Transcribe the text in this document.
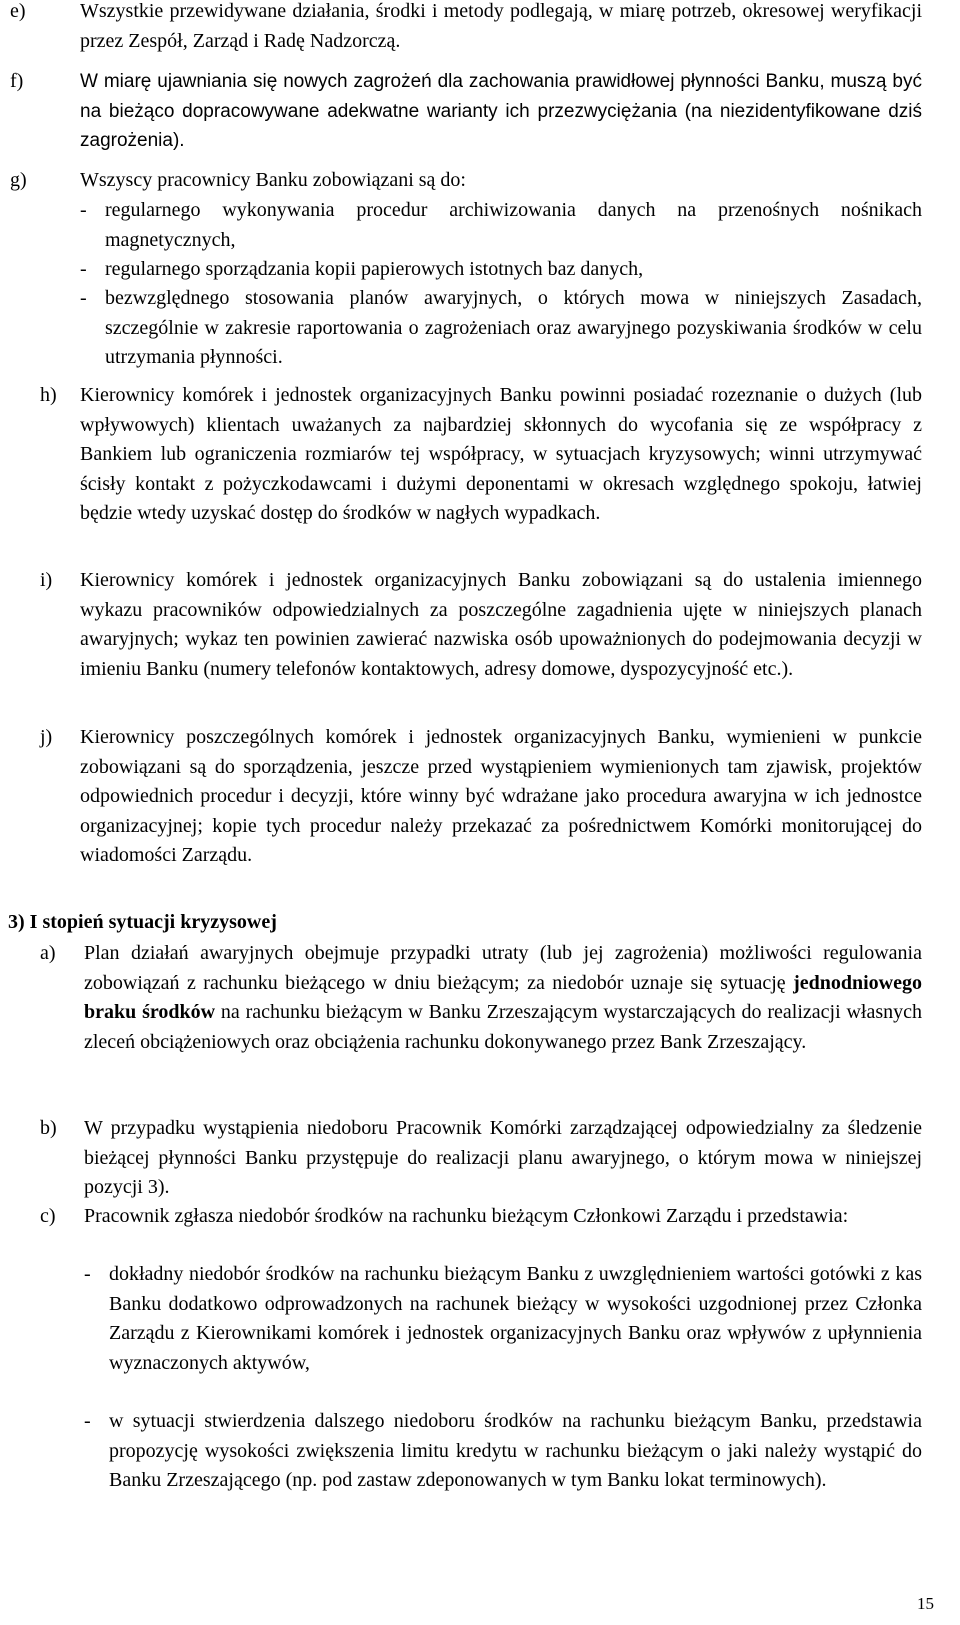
e)	Wszystkie przewidywane działania, środki i metody podlegają, w miarę potrzeb, okresowej weryfikacji przez Zespół, Zarząd i Radę Nadzorczą.
f)	W miarę ujawniania się nowych zagrożeń dla zachowania prawidłowej płynności Banku, muszą być na bieżąco dopracowywane adekwatne warianty ich przezwyciężania (na niezidentyfikowane dziś zagrożenia).
g)	Wszyscy pracownicy Banku zobowiązani są do:
- regularnego wykonywania procedur archiwizowania danych na przenośnych nośnikach magnetycznych,
- regularnego sporządzania kopii papierowych istotnych baz danych,
- bezwzględnego stosowania planów awaryjnych, o których mowa w niniejszych Zasadach, szczególnie w zakresie raportowania o zagrożeniach oraz awaryjnego pozyskiwania środków w celu utrzymania płynności.
h) Kierownicy komórek i jednostek organizacyjnych Banku powinni posiadać rozeznanie o dużych (lub wpływowych) klientach uważanych za najbardziej skłonnych do wycofania się ze współpracy z Bankiem lub ograniczenia rozmiarów tej współpracy, w sytuacjach kryzysowych; winni utrzymywać ścisły kontakt z pożyczkodawcami i dużymi deponentami w okresach względnego spokoju, łatwiej będzie wtedy uzyskać dostęp do środków w nagłych wypadkach.
i) Kierownicy komórek i jednostek organizacyjnych Banku zobowiązani są do ustalenia imiennego wykazu pracowników odpowiedzialnych za poszczególne zagadnienia ujęte w niniejszych planach awaryjnych; wykaz ten powinien zawierać nazwiska osób upoważnionych do podejmowania decyzji w imieniu Banku (numery telefonów kontaktowych, adresy domowe, dyspozycyjność etc.).
j) Kierownicy poszczególnych komórek i jednostek organizacyjnych Banku, wymienieni w punkcie zobowiązani są do sporządzenia, jeszcze przed wystąpieniem wymienionych tam zjawisk, projektów odpowiednich procedur i decyzji, które winny być wdrażane jako procedura awaryjna w ich jednostce organizacyjnej; kopie tych procedur należy przekazać za pośrednictwem Komórki monitorującej do wiadomości Zarządu.
3) I stopień sytuacji kryzysowej
a) Plan działań awaryjnych obejmuje przypadki utraty (lub jej zagrożenia) możliwości regulowania zobowiązań z rachunku bieżącego w dniu bieżącym; za niedobór uznaje się sytuację jednodniowego braku środków na rachunku bieżącym w Banku Zrzeszającym wystarczających do realizacji własnych zleceń obciążeniowych oraz obciążenia rachunku dokonywanego przez Bank Zrzeszający.
b) W przypadku wystąpienia niedoboru Pracownik Komórki zarządzającej odpowiedzialny za śledzenie bieżącej płynności Banku przystępuje do realizacji planu awaryjnego, o którym mowa w niniejszej pozycji 3).
c) Pracownik zgłasza niedobór środków na rachunku bieżącym Członkowi Zarządu i przedstawia:
- dokładny niedobór środków na rachunku bieżącym Banku z uwzględnieniem wartości gotówki z kas Banku dodatkowo odprowadzonych na rachunek bieżący w wysokości uzgodnionej przez Członka Zarządu z Kierownikami komórek i jednostek organizacyjnych Banku oraz wpływów z upłynnienia wyznaczonych aktywów,
- w sytuacji stwierdzenia dalszego niedoboru środków na rachunku bieżącym Banku, przedstawia propozycję wysokości zwiększenia limitu kredytu w rachunku bieżącym o jaki należy wystąpić do Banku Zrzeszającego (np. pod zastaw zdeponowanych w tym Banku lokat terminowych).
15
